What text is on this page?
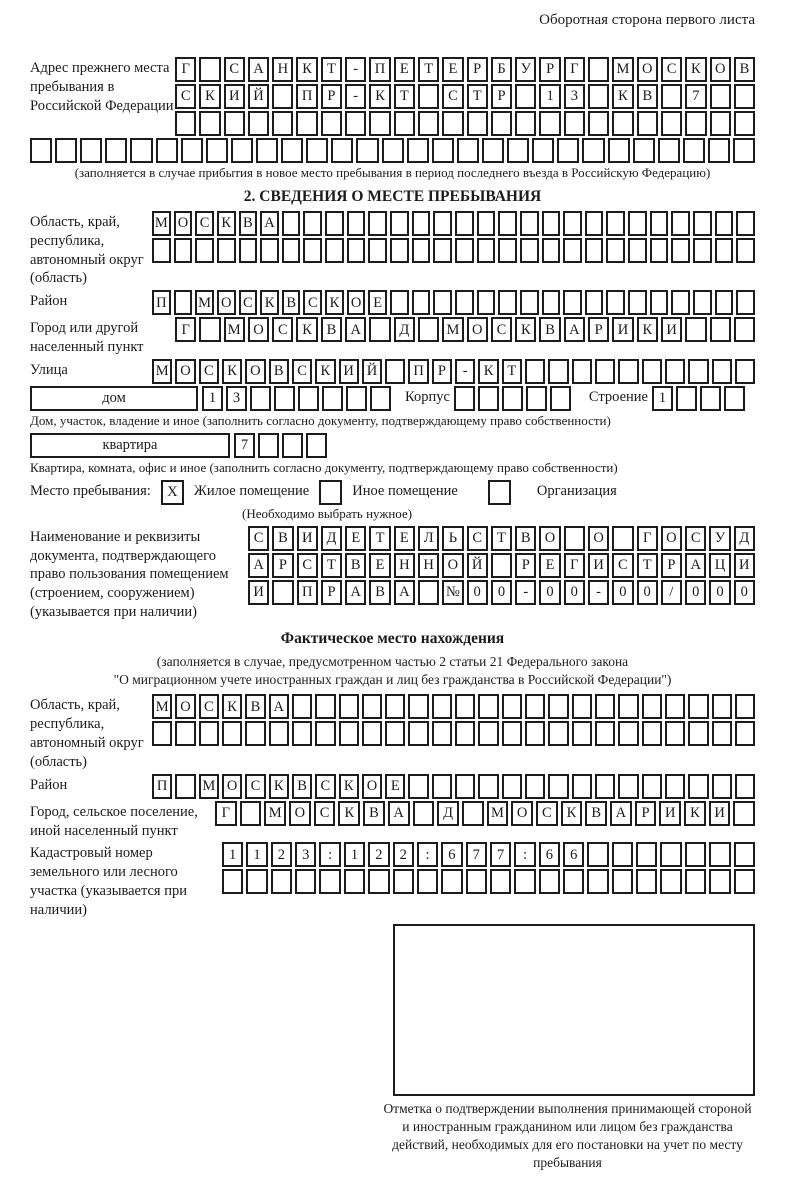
Оборотная сторона первого листа
Адрес прежнего места пребывания в Российской Федерации
Г	С А Н К	Т	-	П	Е	Т	Е	Р	Б	У	Р	Г	М О С	К О В
С	К И Й	П	Р	-	К	Т	С	Т	Р	1	3	К	В	7
(заполняется в случае прибытия в новое место пребывания в период последнего въезда в Российскую Федерацию)
2. СВЕДЕНИЯ О МЕСТЕ ПРЕБЫВАНИЯ
Область, край, республика, автономный округ (область)
М О С К В А
Район	П М О С К В С К О Е
Город или другой населенный пункт
Г	М О С	К	В А	Д	М О С	К	В А	Р	И К И
Улица	М О С К О В С К И Й	П Р	-	К Т
дом	1	3	Корпус	Строение 1
Дом, участок, владение и иное (заполнить согласно документу, подтверждающему право собственности)
квартира	7
Квартира, комната, офис и иное (заполнить согласно документу, подтверждающему право собственности)
Место пребывания:	X	Жилое помещение	Иное помещение	Организация
(Необходимо выбрать нужное)
Наименование и реквизиты документа, подтверждающего право пользования помещением (строением, сооружением) (указывается при наличии)
С	В И Д	Е	Т	Е	Л	Ь	С	Т	В О	О	Г	О С У Д
А	Р	С	Т	В	Е	Н Н О Й	Р	Е	Г	И С	Т	Р	А Ц И
И	П	Р	А В А	№ 0	0	-	0	0	-	0	0	/	0	0	0
Фактическое место нахождения
(заполняется в случае, предусмотренном частью 2 статьи 21 Федерального закона
"О миграционном учете иностранных граждан и лиц без гражданства в Российской Федерации")
Область, край, республика, автономный округ (область)
М О С К В А
Район	П	М О С К В С К О Е
Город, сельское поселение, иной населенный пункт
Г	М О	С	К	В	А	Д	М О	С	К	В	А	Р	И	К	И
Кадастровый номер земельного или лесного участка (указывается при наличии)
1	1	2	3	:	1	2	2	:	6	7	7	:	6	6
Отметка о подтверждении выполнения принимающей стороной и иностранным гражданином или лицом без гражданства действий, необходимых для его постановки на учет по месту пребывания
